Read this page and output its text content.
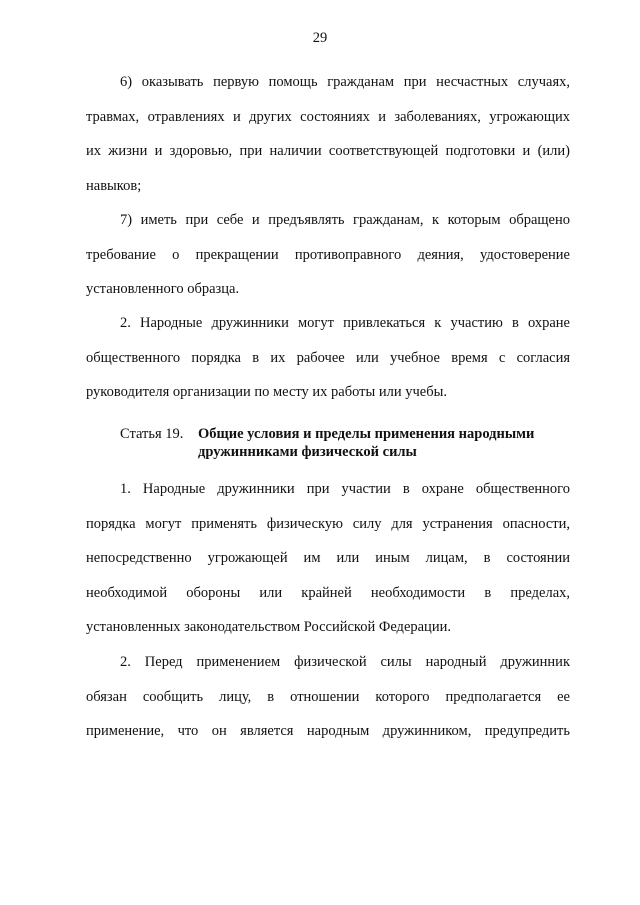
29
6) оказывать первую помощь гражданам при несчастных случаях,
травмах, отравлениях и других состояниях и заболеваниях, угрожающих
их жизни и здоровью, при наличии соответствующей подготовки и (или)
навыков;
7) иметь при себе и предъявлять гражданам, к которым обращено
требование о прекращении противоправного деяния, удостоверение
установленного образца.
2. Народные дружинники могут привлекаться к участию в охране
общественного порядка в их рабочее или учебное время с согласия
руководителя организации по месту их работы или учебы.
Статья 19. Общие условия и пределы применения народными
дружинниками физической силы
1. Народные дружинники при участии в охране общественного
порядка могут применять физическую силу для устранения опасности,
непосредственно угрожающей им или иным лицам, в состоянии
необходимой обороны или крайней необходимости в пределах,
установленных законодательством Российской Федерации.
2. Перед применением физической силы народный дружинник
обязан сообщить лицу, в отношении которого предполагается ее
применение, что он является народным дружинником, предупредить
